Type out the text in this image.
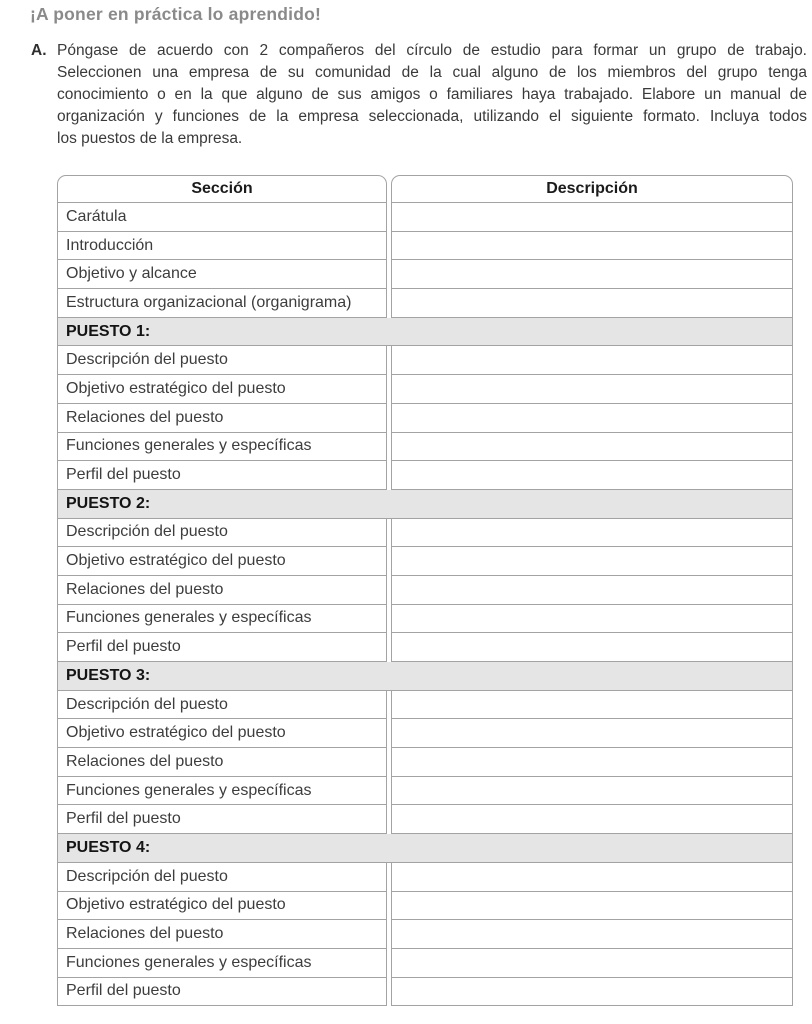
¡A poner en práctica lo aprendido!
A. Póngase de acuerdo con 2 compañeros del círculo de estudio para formar un grupo de trabajo.
Seleccionen una empresa de su comunidad de la cual alguno de los miembros del grupo tenga
conocimiento o en la que alguno de sus amigos o familiares haya trabajado. Elabore un manual de
organización y funciones de la empresa seleccionada, utilizando el siguiente formato. Incluya todos
los puestos de la empresa.
Sección	Descripción
Carátula	
Introducción	
Objetivo y alcance	
Estructura organizacional (organigrama)	
PUESTO 1:	
Descripción del puesto	
Objetivo estratégico del puesto	
Relaciones del puesto	
Funciones generales y específicas	
Perfil del puesto	
PUESTO 2:	
Descripción del puesto	
Objetivo estratégico del puesto	
Relaciones del puesto	
Funciones generales y específicas	
Perfil del puesto	
PUESTO 3:	
Descripción del puesto	
Objetivo estratégico del puesto	
Relaciones del puesto	
Funciones generales y específicas	
Perfil del puesto	
PUESTO 4:	
Descripción del puesto	
Objetivo estratégico del puesto	
Relaciones del puesto	
Funciones generales y específicas	
Perfil del puesto	
